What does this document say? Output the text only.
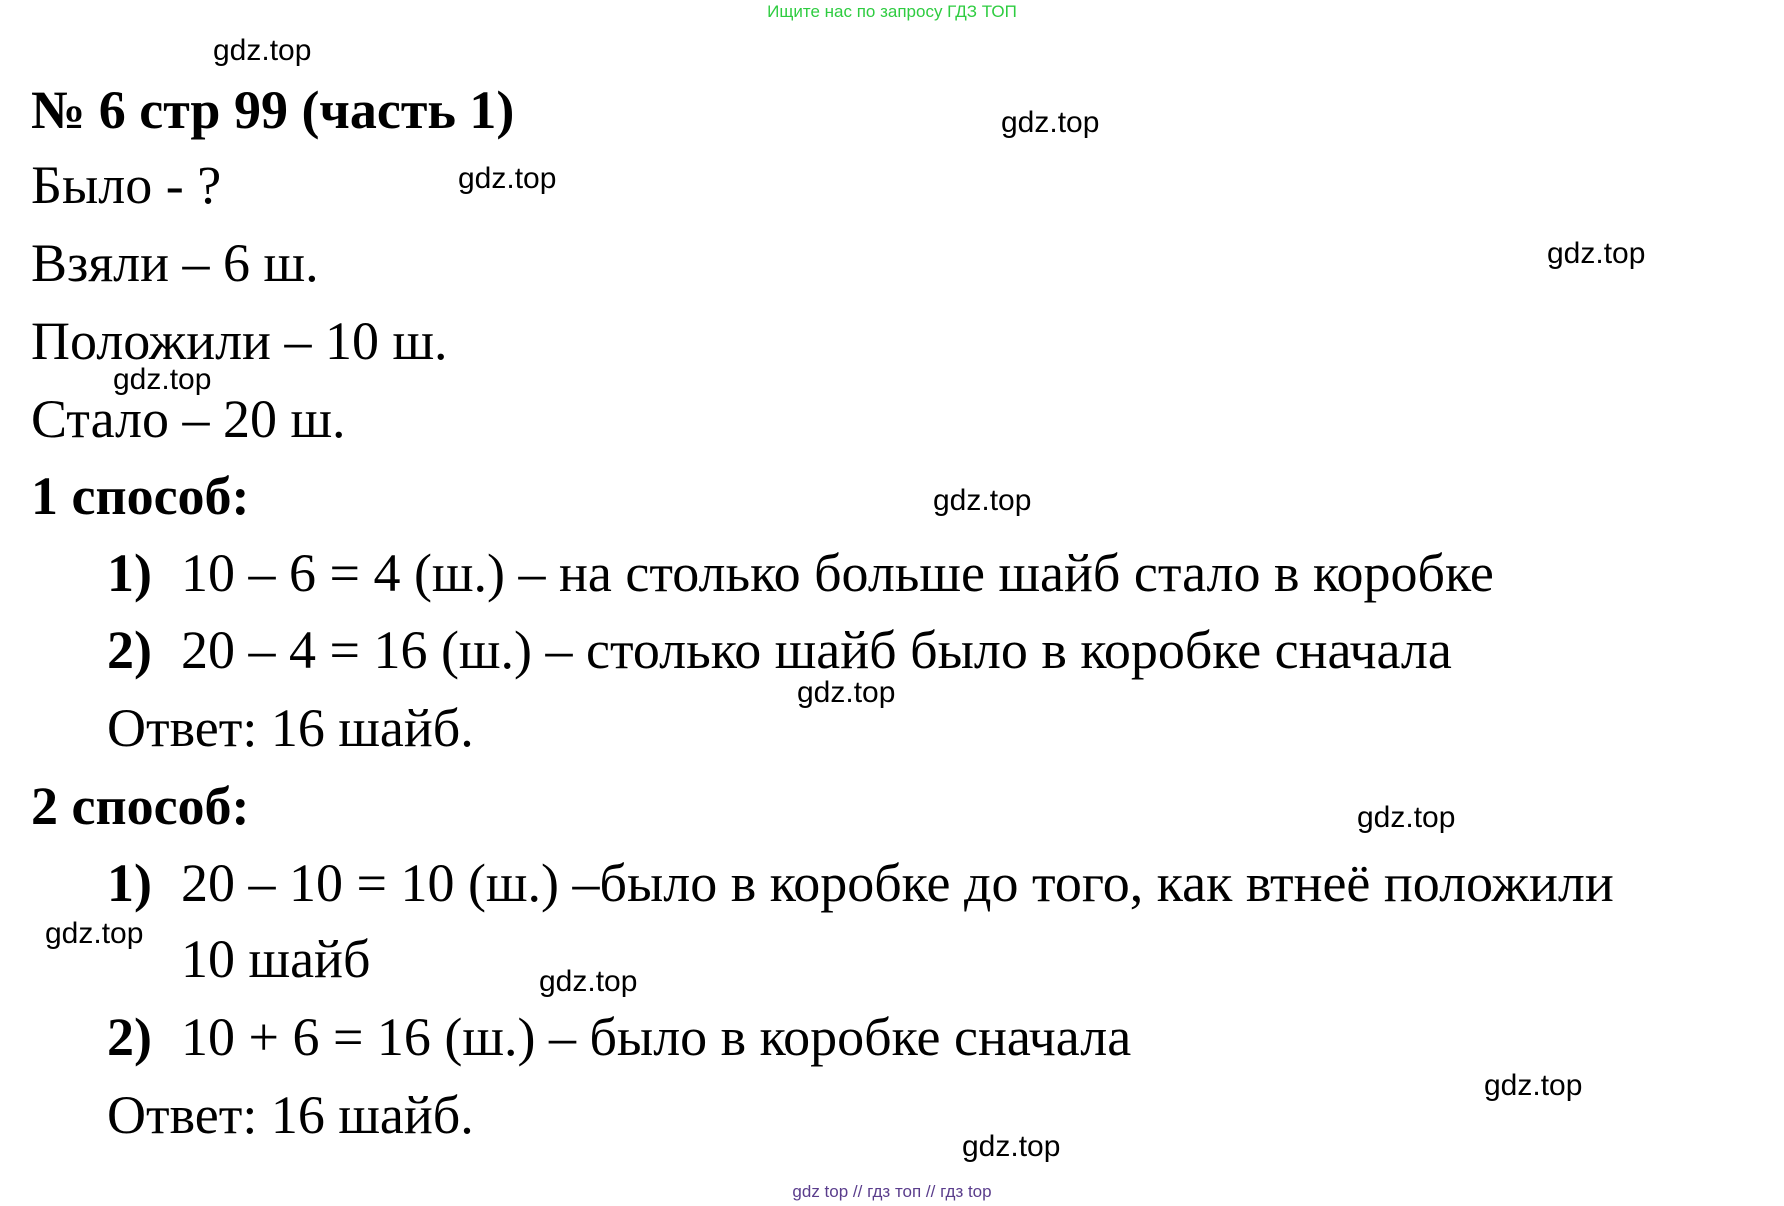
Ищите нас по запросу ГДЗ ТОП
gdz.top
gdz.top
gdz.top
gdz.top
gdz.top
gdz.top
gdz.top
gdz.top
gdz.top
gdz.top
gdz.top
gdz.top
№ 6 стр 99 (часть 1)
Было - ?
Взяли – 6 ш.
Положили – 10 ш.
Стало – 20 ш.
1 способ:
1) 10 – 6 = 4 (ш.) – на столько больше шайб стало в коробке
2) 20 – 4 = 16 (ш.) – столько шайб было в коробке сначала
Ответ: 16 шайб.
2 способ:
1) 20 – 10 = 10 (ш.) –было в коробке до того, как втнеё положили
10 шайб
2) 10 + 6 = 16 (ш.) – было в коробке сначала
Ответ: 16 шайб.
gdz top // гдз топ // гдз top
